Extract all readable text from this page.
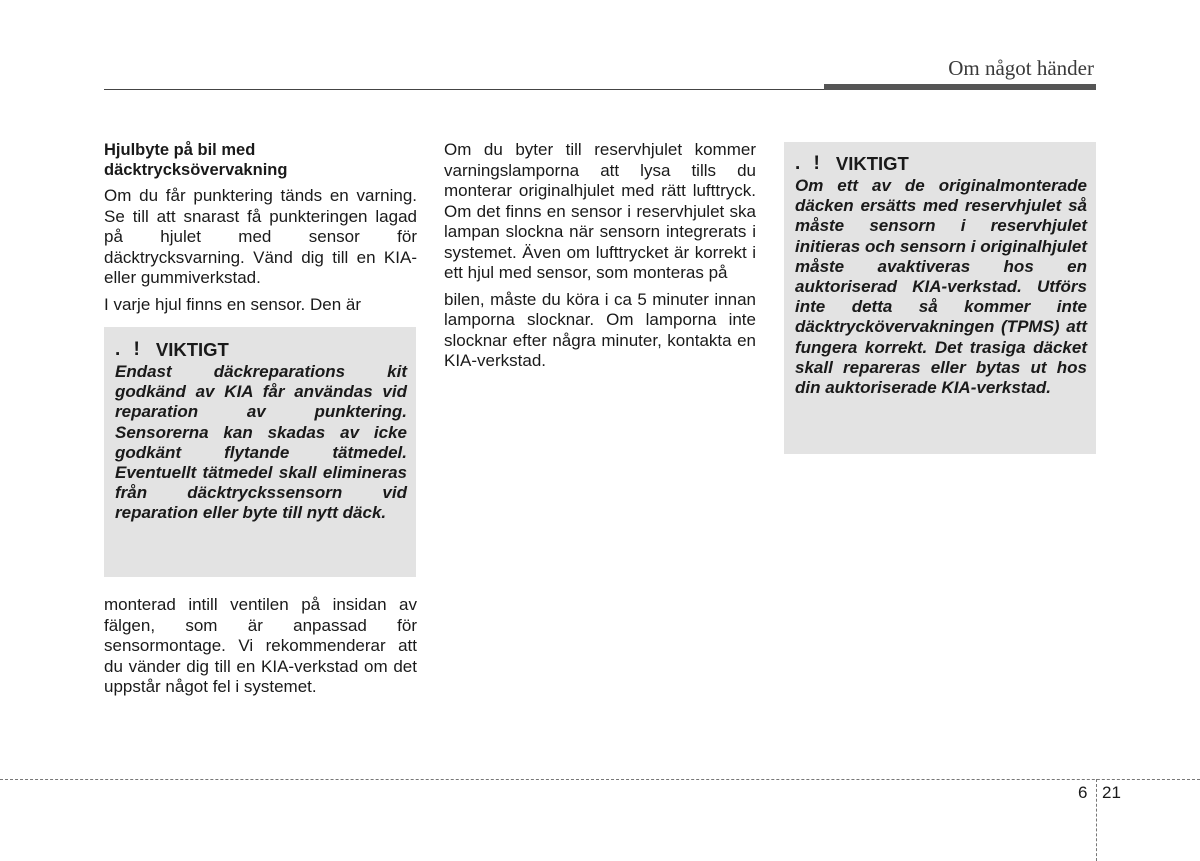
Om något händer
Hjulbyte på bil med däcktrycksövervakning

Om du får punktering tänds en varning. Se till att snarast få punkteringen lagad på hjulet med sensor för däcktrycksvarning. Vänd dig till en KIA- eller gummiverkstad.

I varje hjul finns en sensor. Den är

. ! VIKTIGT

Endast däckreparations kit godkänd av KIA får användas vid reparation av punktering. Sensorerna kan skadas av icke godkänt flytande tätmedel. Eventuellt tätmedel skall elimineras från däcktryckssensorn vid reparation eller byte till nytt däck.

monterad intill ventilen på insidan av fälgen, som är anpassad för sensormontage. Vi rekommenderar att du vänder dig till en KIA-verkstad om det uppstår något fel i systemet.

Om du byter till reservhjulet kommer varningslamporna att lysa tills du monterar originalhjulet med rätt lufttryck. Om det finns en sensor i reservhjulet ska lampan slockna när sensorn integrerats i systemet. Även om lufttrycket är korrekt i ett hjul med sensor, som monteras på

bilen, måste du köra i ca 5 minuter innan lamporna slocknar. Om lamporna inte slocknar efter några minuter, kontakta en KIA-verkstad.

. ! VIKTIGT

Om ett av de originalmonterade däcken ersätts med reservhjulet så måste sensorn i reservhjulet initieras och sensorn i originalhjulet måste avaktiveras hos en auktoriserad KIA-verkstad. Utförs inte detta så kommer inte däcktryckövervakningen (TPMS) att fungera korrekt. Det trasiga däcket skall repareras eller bytas ut hos din auktoriserade KIA-verkstad.

6 21
